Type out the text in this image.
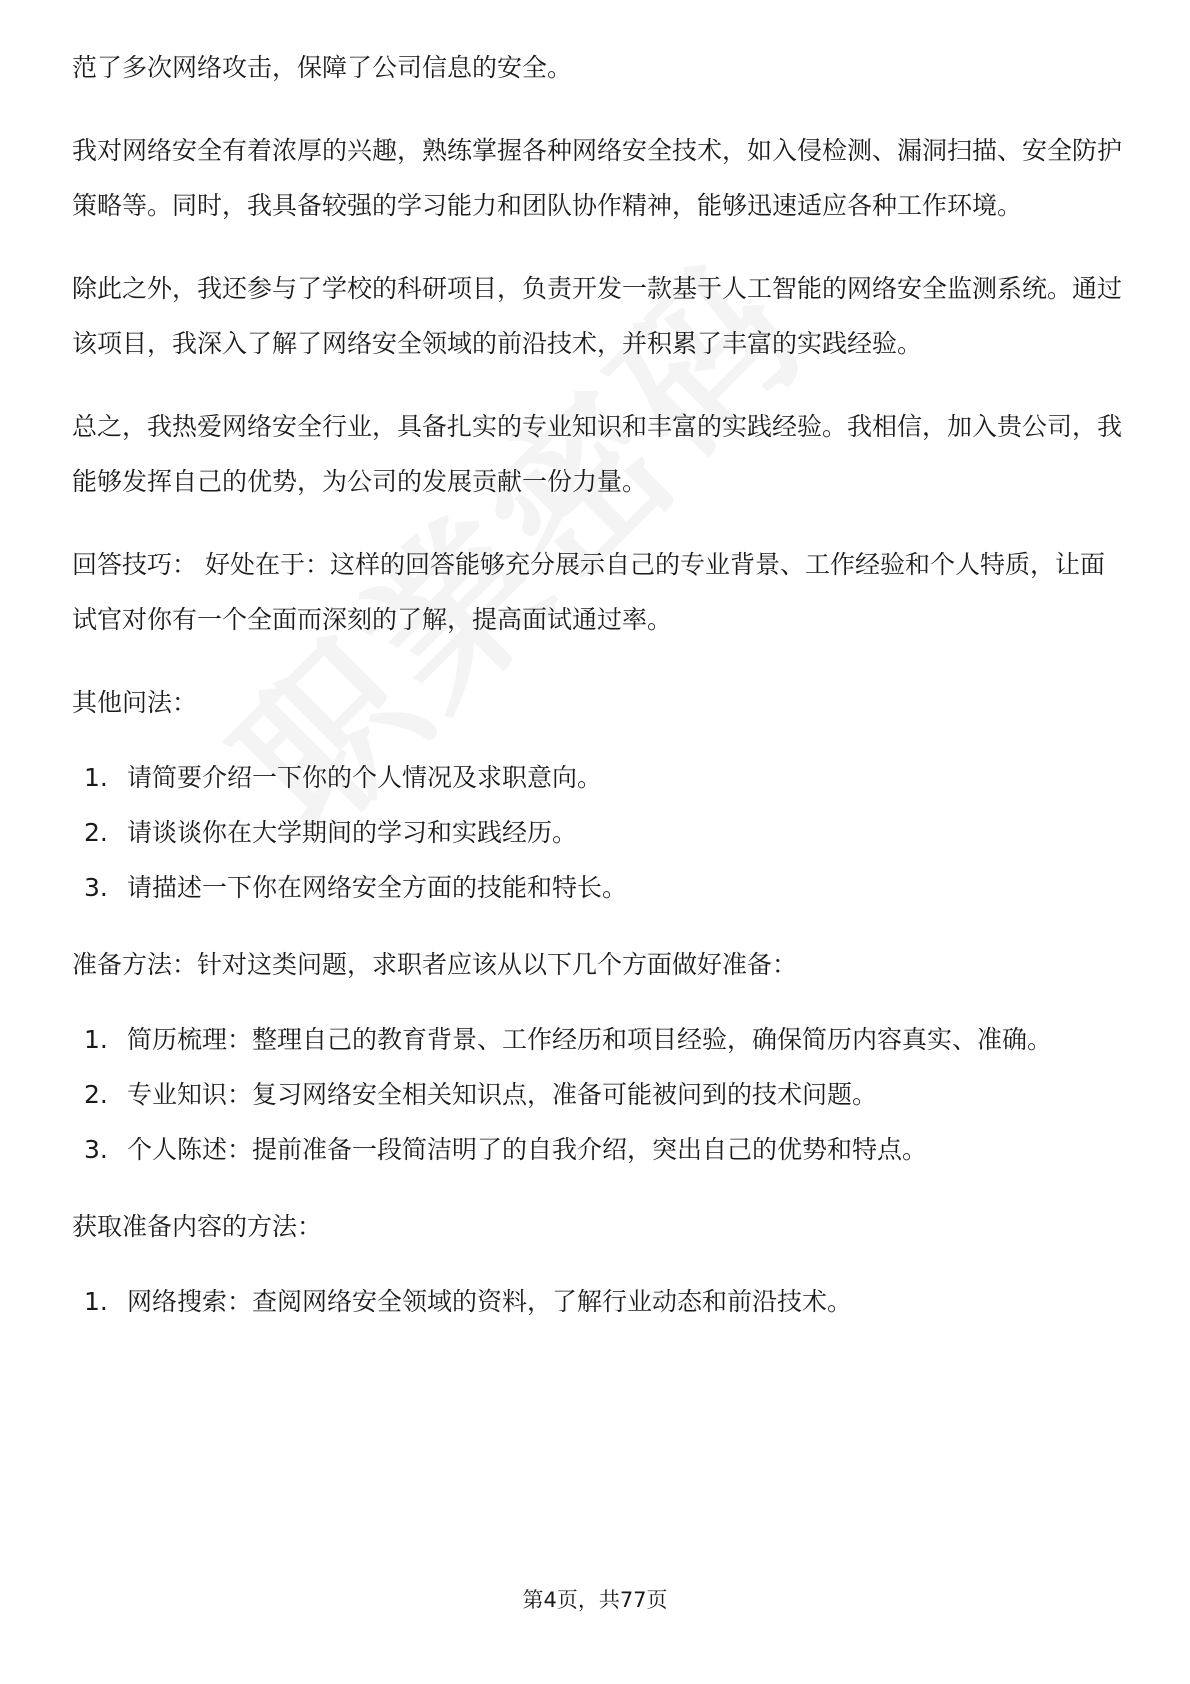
范了多次网络攻击，保障了公司信息的安全。

我对网络安全有着浓厚的兴趣，熟练掌握各种网络安全技术，如入侵检测、漏洞扫描、安全防护策略等。同时，我具备较强的学习能力和团队协作精神，能够迅速适应各种工作环境。

除此之外，我还参与了学校的科研项目，负责开发一款基于人工智能的网络安全监测系统。通过该项目，我深入了解了网络安全领域的前沿技术，并积累了丰富的实践经验。

总之，我热爱网络安全行业，具备扎实的专业知识和丰富的实践经验。我相信，加入贵公司，我能够发挥自己的优势，为公司的发展贡献一份力量。

回答技巧： 好处在于：这样的回答能够充分展示自己的专业背景、工作经验和个人特质，让面试官对你有一个全面而深刻的了解，提高面试通过率。

其他问法：

1. 请简要介绍一下你的个人情况及求职意向。
2. 请谈谈你在大学期间的学习和实践经历。
3. 请描述一下你在网络安全方面的技能和特长。

准备方法：针对这类问题，求职者应该从以下几个方面做好准备：

1. 简历梳理：整理自己的教育背景、工作经历和项目经验，确保简历内容真实、准确。
2. 专业知识：复习网络安全相关知识点，准备可能被问到的技术问题。
3. 个人陈述：提前准备一段简洁明了的自我介绍，突出自己的优势和特点。

获取准备内容的方法：

1. 网络搜索：查阅网络安全领域的资料，了解行业动态和前沿技术。
第4页，共77页
